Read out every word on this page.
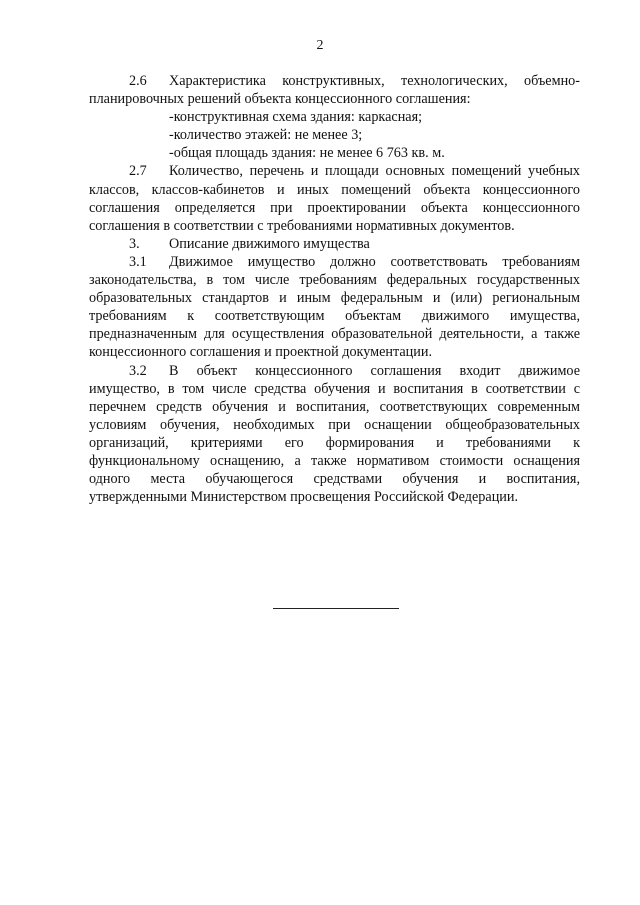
2

2.6 Характеристика конструктивных, технологических, объемно-планировочных решений объекта концессионного соглашения:

-конструктивная схема здания: каркасная;

-количество этажей: не менее 3;

-общая площадь здания: не менее 6 763 кв. м.

2.7 Количество, перечень и площади основных помещений учебных классов, классов-кабинетов и иных помещений объекта концессионного соглашения определяется при проектировании объекта концессионного соглашения в соответствии с требованиями нормативных документов.

3. Описание движимого имущества

3.1 Движимое имущество должно соответствовать требованиям законодательства, в том числе требованиям федеральных государственных образовательных стандартов и иным федеральным и (или) региональным требованиям к соответствующим объектам движимого имущества, предназначенным для осуществления образовательной деятельности, а также концессионного соглашения и проектной документации.

3.2 В объект концессионного соглашения входит движимое имущество, в том числе средства обучения и воспитания в соответствии с перечнем средств обучения и воспитания, соответствующих современным условиям обучения, необходимых при оснащении общеобразовательных организаций, критериями его формирования и требованиями к функциональному оснащению, а также нормативом стоимости оснащения одного места обучающегося средствами обучения и воспитания, утвержденными Министерством просвещения Российской Федерации.
